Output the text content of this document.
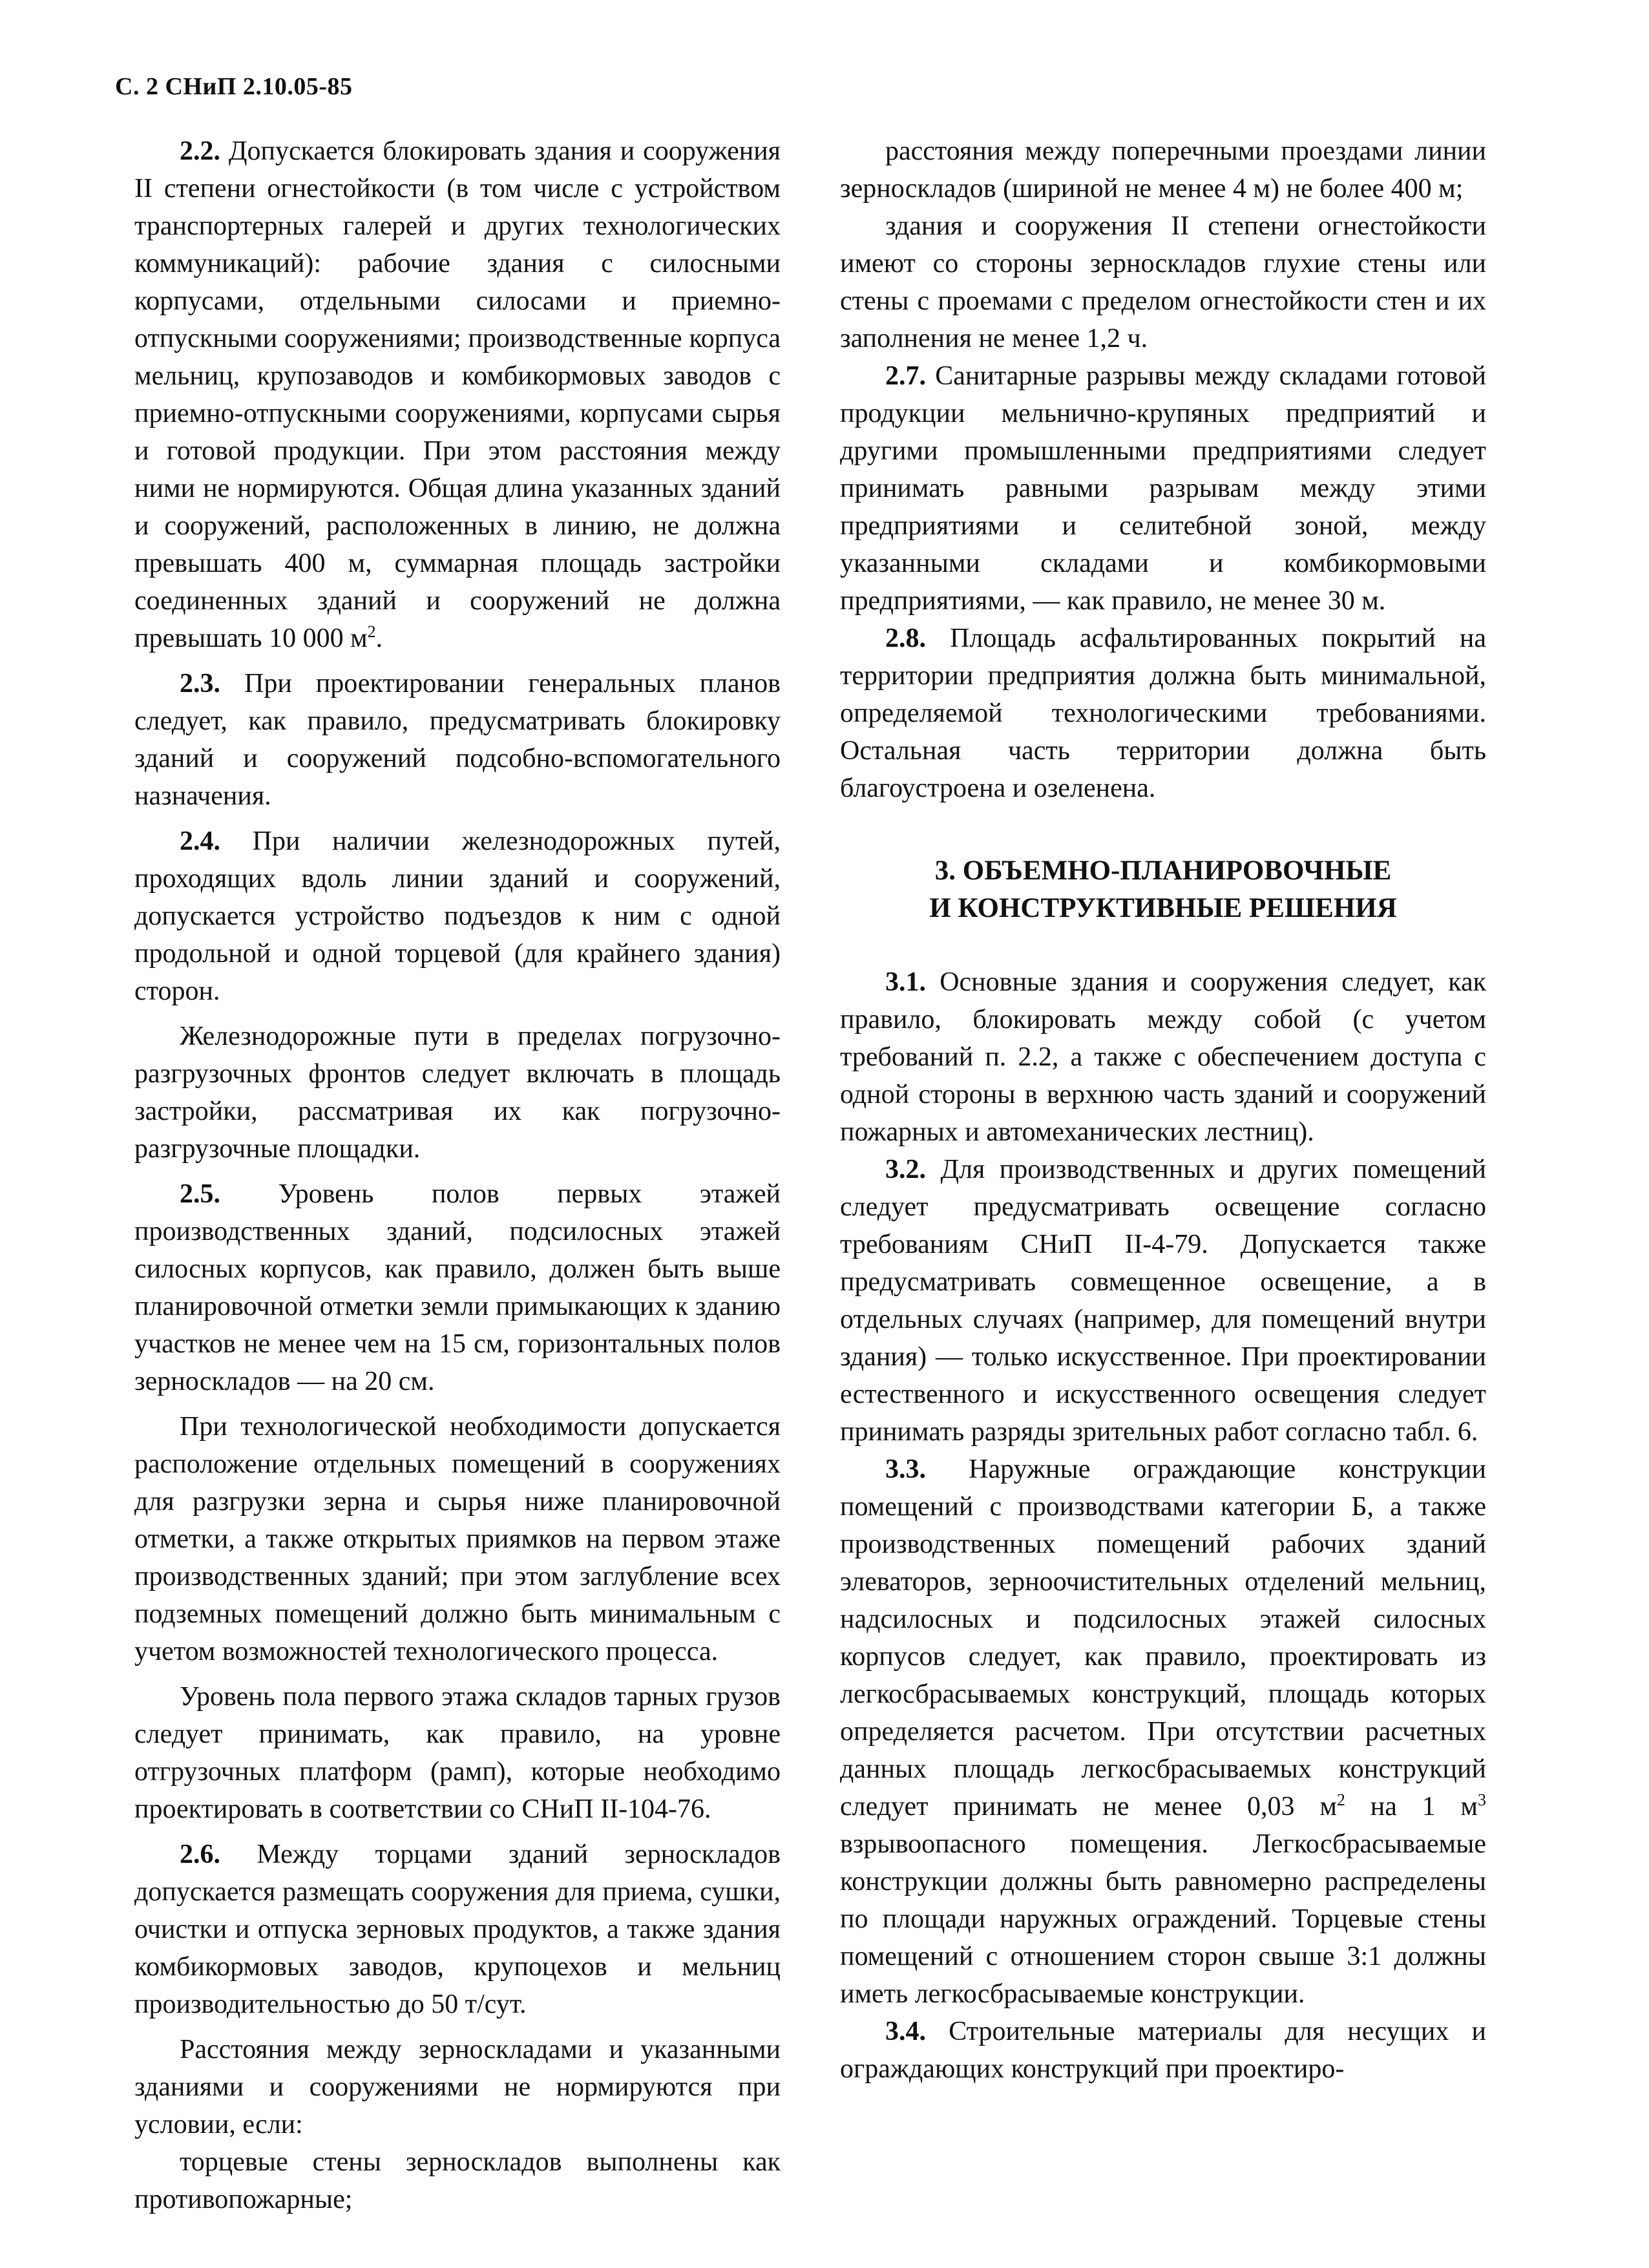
С. 2 СНиП 2.10.05-85

2.2. Допускается блокировать здания и сооружения II степени огнестойкости (в том числе с устройством транспортерных галерей и других технологических коммуникаций): рабочие здания с силосными корпусами, отдельными силосами и приемно-отпускными сооружениями; производственные корпуса мельниц, крупозаводов и комбикормовых заводов с приемно-отпускными сооружениями, корпусами сырья и готовой продукции. При этом расстояния между ними не нормируются. Общая длина указанных зданий и сооружений, расположенных в линию, не должна превышать 400 м, суммарная площадь застройки соединенных зданий и сооружений не должна превышать 10 000 $м^2$.

2.3. При проектировании генеральных планов следует, как правило, предусматривать блокировку зданий и сооружений подсобно-вспомогательного назначения.

2.4. При наличии железнодорожных путей, проходящих вдоль линии зданий и сооружений, допускается устройство подъездов к ним с одной продольной и одной торцевой (для крайнего здания) сторон.

Железнодорожные пути в пределах погрузочно-разгрузочных фронтов следует включать в площадь застройки, рассматривая их как погрузочно-разгрузочные площадки.

2.5. Уровень полов первых этажей производственных зданий, подсилосных этажей силосных корпусов, как правило, должен быть выше планировочной отметки земли примыкающих к зданию участков не менее чем на 15 см, горизонтальных полов зерноскладов — на 20 см.

При технологической необходимости допускается расположение отдельных помещений в сооружениях для разгрузки зерна и сырья ниже планировочной отметки, а также открытых приямков на первом этаже производственных зданий; при этом заглубление всех подземных помещений должно быть минимальным с учетом возможностей технологического процесса.

Уровень пола первого этажа складов тарных грузов следует принимать, как правило, на уровне отгрузочных платформ (рамп), которые необходимо проектировать в соответствии со СНиП II-104-76.

2.6. Между торцами зданий зерноскладов допускается размещать сооружения для приема, сушки, очистки и отпуска зерновых продуктов, а также здания комбикормовых заводов, крупоцехов и мельниц производительностью до 50 т/сут.

Расстояния между зерноскладами и указанными зданиями и сооружениями не нормируются при условии, если:

торцевые стены зерноскладов выполнены как противопожарные;

расстояния между поперечными проездами линии зерноскладов (шириной не менее 4 м) не более 400 м;

здания и сооружения II степени огнестойкости имеют со стороны зерноскладов глухие стены или стены с проемами с пределом огнестойкости стен и их заполнения не менее 1,2 ч.

2.7. Санитарные разрывы между складами готовой продукции мельнично-крупяных предприятий и другими промышленными предприятиями следует принимать равными разрывам между этими предприятиями и селитебной зоной, между указанными складами и комбикормовыми предприятиями, — как правило, не менее 30 м.

2.8. Площадь асфальтированных покрытий на территории предприятия должна быть минимальной, определяемой технологическими требованиями. Остальная часть территории должна быть благоустроена и озеленена.

3. ОБЪЕМНО-ПЛАНИРОВОЧНЫЕ
И КОНСТРУКТИВНЫЕ РЕШЕНИЯ

3.1. Основные здания и сооружения следует, как правило, блокировать между собой (с учетом требований п. 2.2, а также с обеспечением доступа с одной стороны в верхнюю часть зданий и сооружений пожарных и автомеханических лестниц).

3.2. Для производственных и других помещений следует предусматривать освещение согласно требованиям СНиП II-4-79. Допускается также предусматривать совмещенное освещение, а в отдельных случаях (например, для помещений внутри здания) — только искусственное. При проектировании естественного и искусственного освещения следует принимать разряды зрительных работ согласно табл. 6.

3.3. Наружные ограждающие конструкции помещений с производствами категории Б, а также производственных помещений рабочих зданий элеваторов, зерноочистительных отделений мельниц, надсилосных и подсилосных этажей силосных корпусов следует, как правило, проектировать из легкосбрасываемых конструкций, площадь которых определяется расчетом. При отсутствии расчетных данных площадь легкосбрасываемых конструкций следует принимать не менее 0,03 $м^2$ на 1 $м^3$ взрывоопасного помещения. Легкосбрасываемые конструкции должны быть равномерно распределены по площади наружных ограждений. Торцевые стены помещений с отношением сторон свыше 3:1 должны иметь легкосбрасываемые конструкции.

3.4. Строительные материалы для несущих и ограждающих конструкций при проектиро-
